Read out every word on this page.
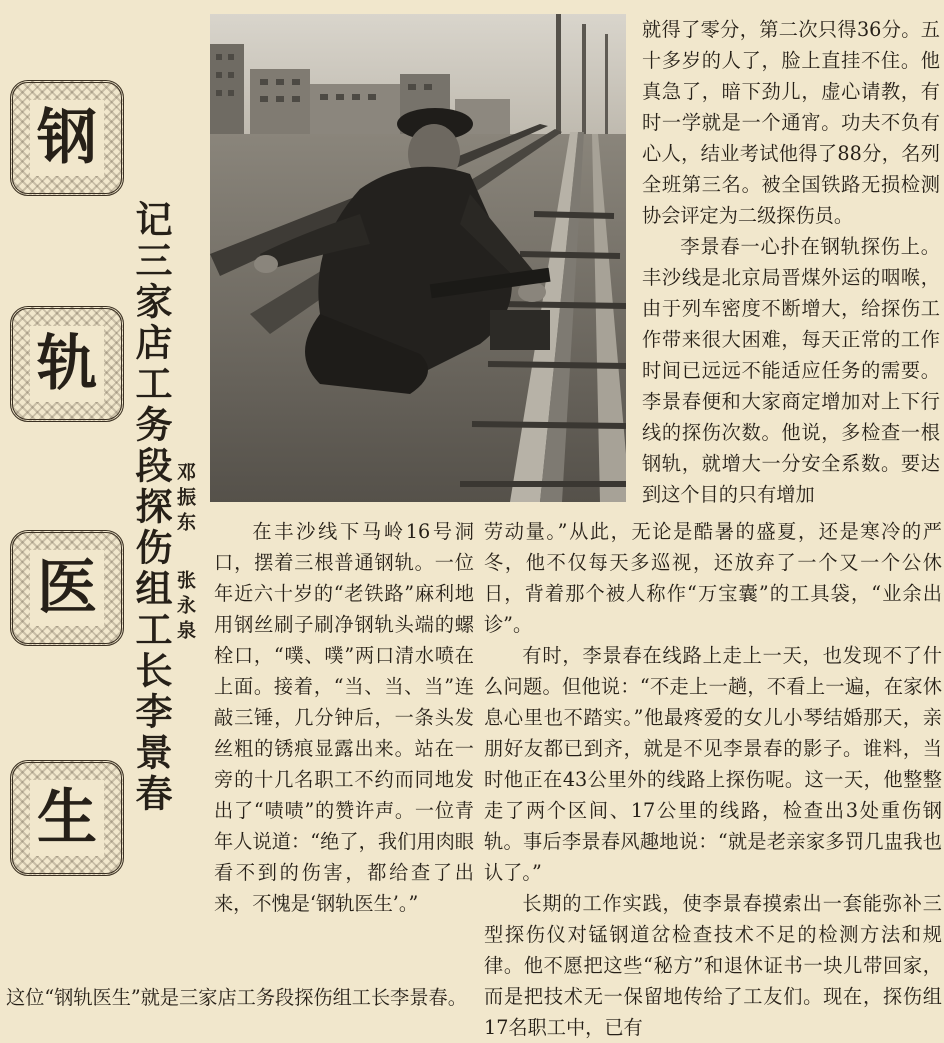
钢
轨
医
生
记三家店工务段探伤组工长李景春 邓振东
张永泉

就得了零分，第二次只得36分。五十多岁的人了，脸上直挂不住。他真急了，暗下劲儿，虚心请教，有时一学就是一个通宵。功夫不负有心人，结业考试他得了88分，名列全班第三名。被全国铁路无损检测协会评定为二级探伤员。

李景春一心扑在钢轨探伤上。丰沙线是北京局晋煤外运的咽喉，由于列车密度不断增大，给探伤工作带来很大困难，每天正常的工作时间已远远不能适应任务的需要。李景春便和大家商定增加对上下行线的探伤次数。他说，多检查一根钢轨，就增大一分安全系数。要达到这个目的只有增加

在丰沙线下马岭16号洞口，摆着三根普通钢轨。一位年近六十岁的“老铁路”麻利地用钢丝刷子刷净钢轨头端的螺栓口，“噗、噗”两口清水喷在上面。接着，“当、当、当”连敲三锤，几分钟后，一条头发丝粗的锈痕显露出来。站在一旁的十几名职工不约而同地发出了“啧啧”的赞许声。一位青年人说道：“绝了，我们用肉眼看不到的伤害，都给查了出来，不愧是‘钢轨医生’。”

劳动量。”从此，无论是酷暑的盛夏，还是寒冷的严冬，他不仅每天多巡视，还放弃了一个又一个公休日，背着那个被人称作“万宝囊”的工具袋，“业余出诊”。

有时，李景春在线路上走上一天，也发现不了什么问题。但他说：“不走上一趟，不看上一遍，在家休息心里也不踏实。”他最疼爱的女儿小琴结婚那天，亲朋好友都已到齐，就是不见李景春的影子。谁料，当时他正在43公里外的线路上探伤呢。这一天，他整整走了两个区间、17公里的线路，检查出3处重伤钢轨。事后李景春风趣地说：“就是老亲家多罚几盅我也认了。”

长期的工作实践，使李景春摸索出一套能弥补三型探伤仪对锰钢道岔检查技术不足的检测方法和规律。他不愿把这些“秘方”和退休证书一块儿带回家，而是把技术无一保留地传给了工友们。现在，探伤组17名职工中，已有

这位“钢轨医生”就是三家店工务段探伤组工长李景春。
